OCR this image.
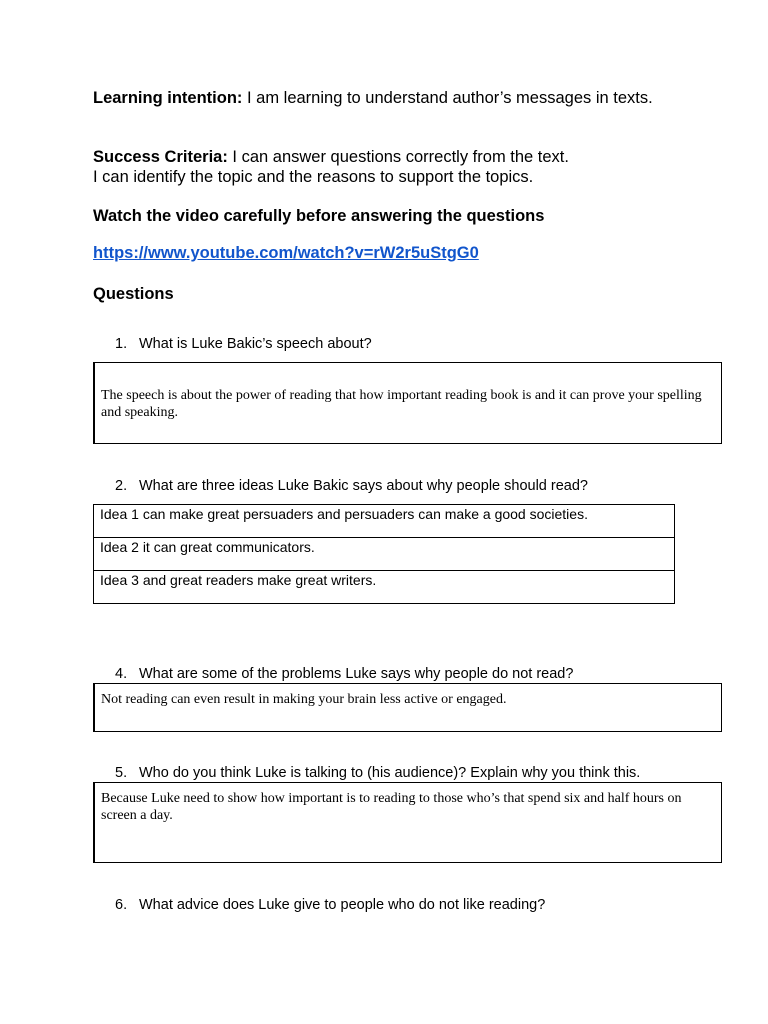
Learning intention: I am learning to understand author’s messages in texts.
Success Criteria: I can answer questions correctly from the text.
I can identify the topic and the reasons to support the topics.
Watch the video carefully before answering the questions
https://www.youtube.com/watch?v=rW2r5uStgG0
Questions
1. What is Luke Bakic’s speech about?
The speech is about the power of reading that how important reading book is and it can prove your spelling and speaking.
2. What are three ideas Luke Bakic says about why people should read?
Idea 1 can make great persuaders and persuaders can make a good societies.
Idea 2 it can great communicators.
Idea 3 and great readers make great writers.
4. What are some of the problems Luke says why people do not read?
Not reading can even result in making your brain less active or engaged.
5. Who do you think Luke is talking to (his audience)? Explain why you think this.
Because Luke need to show how important is to reading to those who’s that spend six and half hours on screen a day.
6. What advice does Luke give to people who do not like reading?
